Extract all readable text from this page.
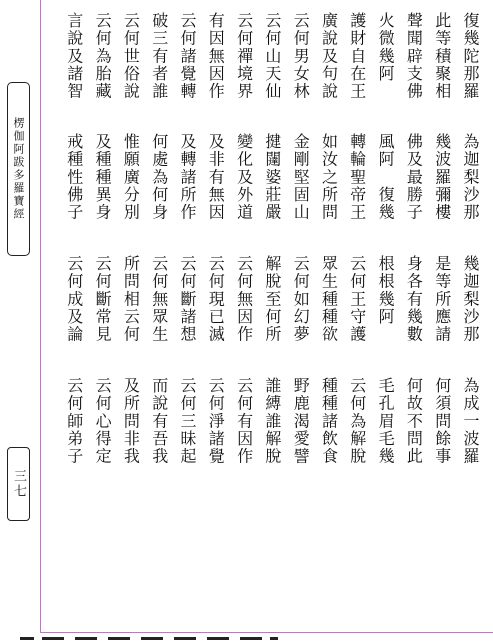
楞伽阿跋多羅寶經
三七
復幾陀那羅
為迦梨沙那
幾迦梨沙那
為成一波羅
此等積聚相
幾波羅彌樓
是等所應請
何須問餘事
聲聞辟支佛
佛及最勝子
身各有幾數
何故不問此
火微幾阿
風阿　復幾
根根幾阿
毛孔眉毛幾
護財自在王
轉輪聖帝王
云何王守護
云何為解脫
廣說及句說
如汝之所問
眾生種種欲
種種諸飲食
云何男女林
金剛堅固山
云何如幻夢
野鹿渴愛譬
云何山天仙
揵闥婆莊嚴
解脫至何所
誰縛誰解脫
云何禪境界
變化及外道
云何無因作
云何有因作
有因無因作
及非有無因
云何現已滅
云何淨諸覺
云何諸覺轉
及轉諸所作
云何斷諸想
云何三昧起
破三有者誰
何處為何身
云何無眾生
而說有吾我
云何世俗說
惟願廣分別
所問相云何
及所問非我
云何為胎藏
及種種異身
云何斷常見
云何心得定
言說及諸智
戒種性佛子
云何成及論
云何師弟子
